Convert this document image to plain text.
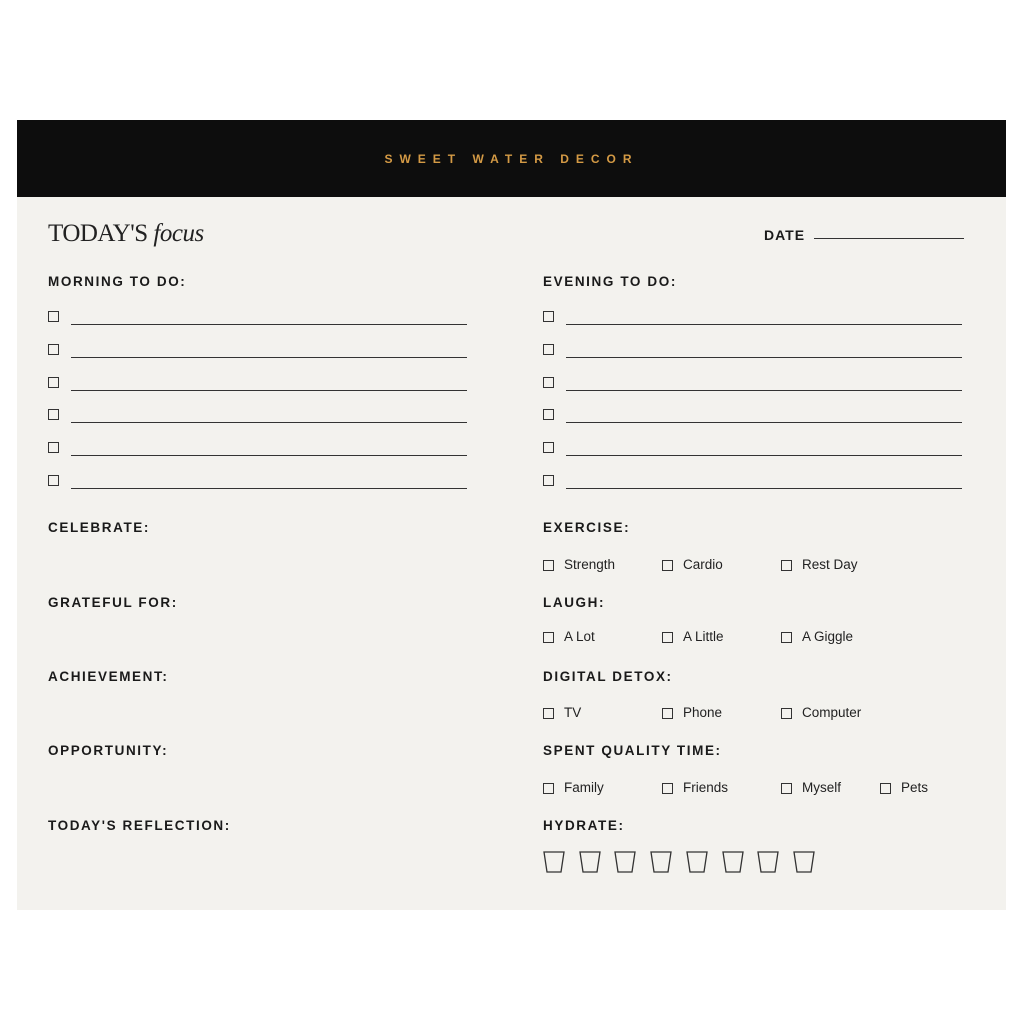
SWEET WATER DECOR
TODAY'S focus	DATE
MORNING TO DO:	EVENING TO DO:
CELEBRATE:
GRATEFUL FOR:
ACHIEVEMENT:
OPPORTUNITY:
TODAY'S REFLECTION:
EXERCISE:
Strength	Cardio	Rest Day
LAUGH:
A Lot	A Little	A Giggle
DIGITAL DETOX:
TV	Phone	Computer
SPENT QUALITY TIME:
Family	Friends	Myself	Pets
HYDRATE:
